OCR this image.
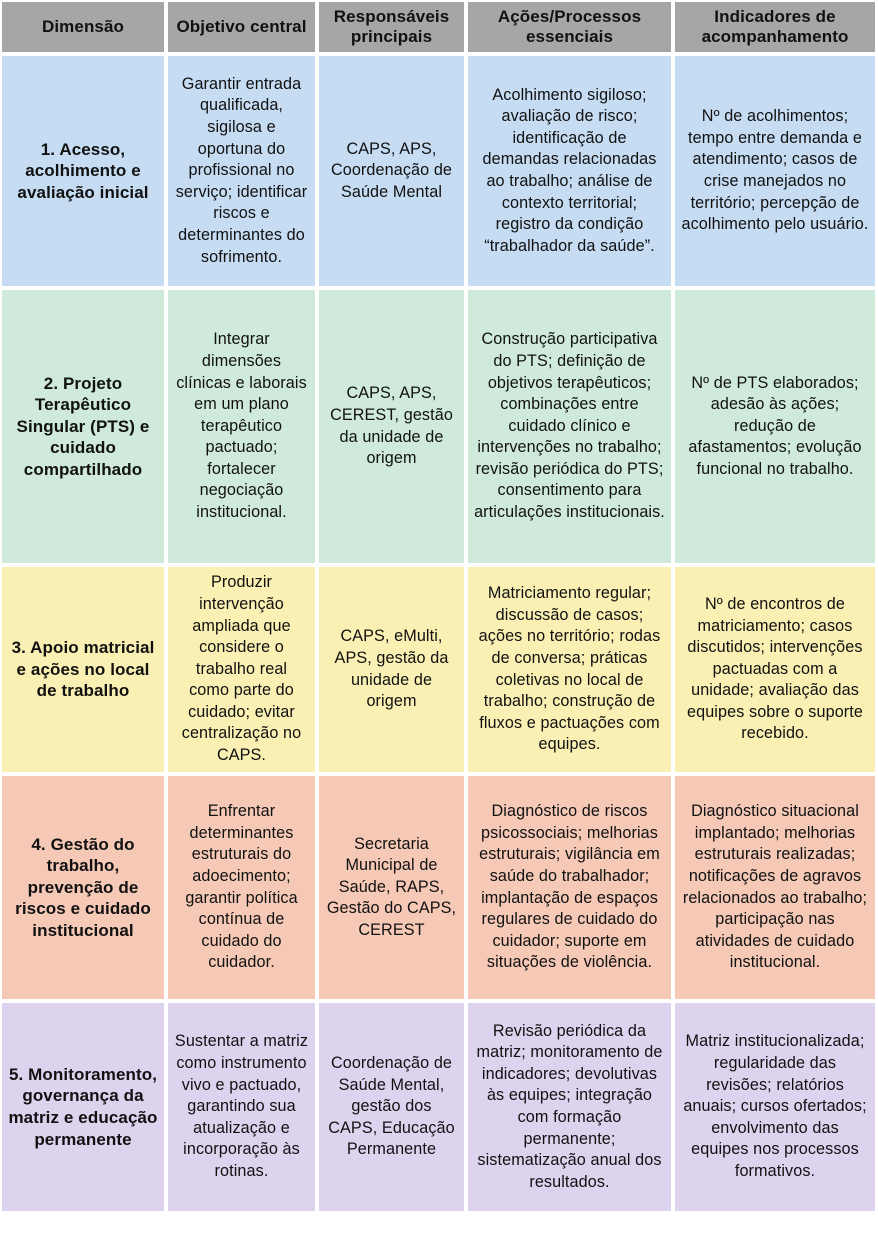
Dimensão	Objetivo central
Responsáveis principais
Ações/Processos essenciais
Indicadores de acompanhamento
1. Acesso, acolhimento e avaliação inicial
Garantir entrada qualificada, sigilosa e oportuna do profissional no serviço; identificar riscos e determinantes do sofrimento.
CAPS, APS, Coordenação de Saúde Mental
Acolhimento sigiloso; avaliação de risco; identificação de demandas relacionadas ao trabalho; análise de contexto territorial; registro da condição “trabalhador da saúde”.
Nº de acolhimentos; tempo entre demanda e atendimento; casos de crise manejados no território; percepção de acolhimento pelo usuário.
2. Projeto Terapêutico Singular (PTS) e cuidado compartilhado
Integrar dimensões clínicas e laborais em um plano terapêutico pactuado; fortalecer negociação institucional.
CAPS, APS, CEREST, gestão da unidade de origem
Construção participativa do PTS; definição de objetivos terapêuticos; combinações entre cuidado clínico e intervenções no trabalho; revisão periódica do PTS; consentimento para articulações institucionais.
Nº de PTS elaborados; adesão às ações; redução de afastamentos; evolução funcional no trabalho.
3. Apoio matricial e ações no local de trabalho
Produzir intervenção ampliada que considere o trabalho real como parte do cuidado; evitar centralização no CAPS.
CAPS, eMulti, APS, gestão da unidade de origem
Matriciamento regular; discussão de casos; ações no território; rodas de conversa; práticas coletivas no local de trabalho; construção de fluxos e pactuações com equipes.
Nº de encontros de matriciamento; casos discutidos; intervenções pactuadas com a unidade; avaliação das equipes sobre o suporte recebido.
4. Gestão do trabalho, prevenção de riscos e cuidado institucional
Enfrentar determinantes estruturais do adoecimento; garantir política contínua de cuidado do cuidador.
Secretaria Municipal de Saúde, RAPS, Gestão do CAPS, CEREST
Diagnóstico de riscos psicossociais; melhorias estruturais; vigilância em saúde do trabalhador; implantação de espaços regulares de cuidado do cuidador; suporte em situações de violência.
Diagnóstico situacional implantado; melhorias estruturais realizadas; notificações de agravos relacionados ao trabalho; participação nas atividades de cuidado institucional.
5. Monitoramento, governança da matriz e educação permanente
Sustentar a matriz como instrumento vivo e pactuado, garantindo sua atualização e incorporação às rotinas.
Coordenação de Saúde Mental, gestão dos CAPS, Educação Permanente
Revisão periódica da matriz; monitoramento de indicadores; devolutivas às equipes; integração com formação permanente; sistematização anual dos resultados.
Matriz institucionalizada; regularidade das revisões; relatórios anuais; cursos ofertados; envolvimento das equipes nos processos formativos.
